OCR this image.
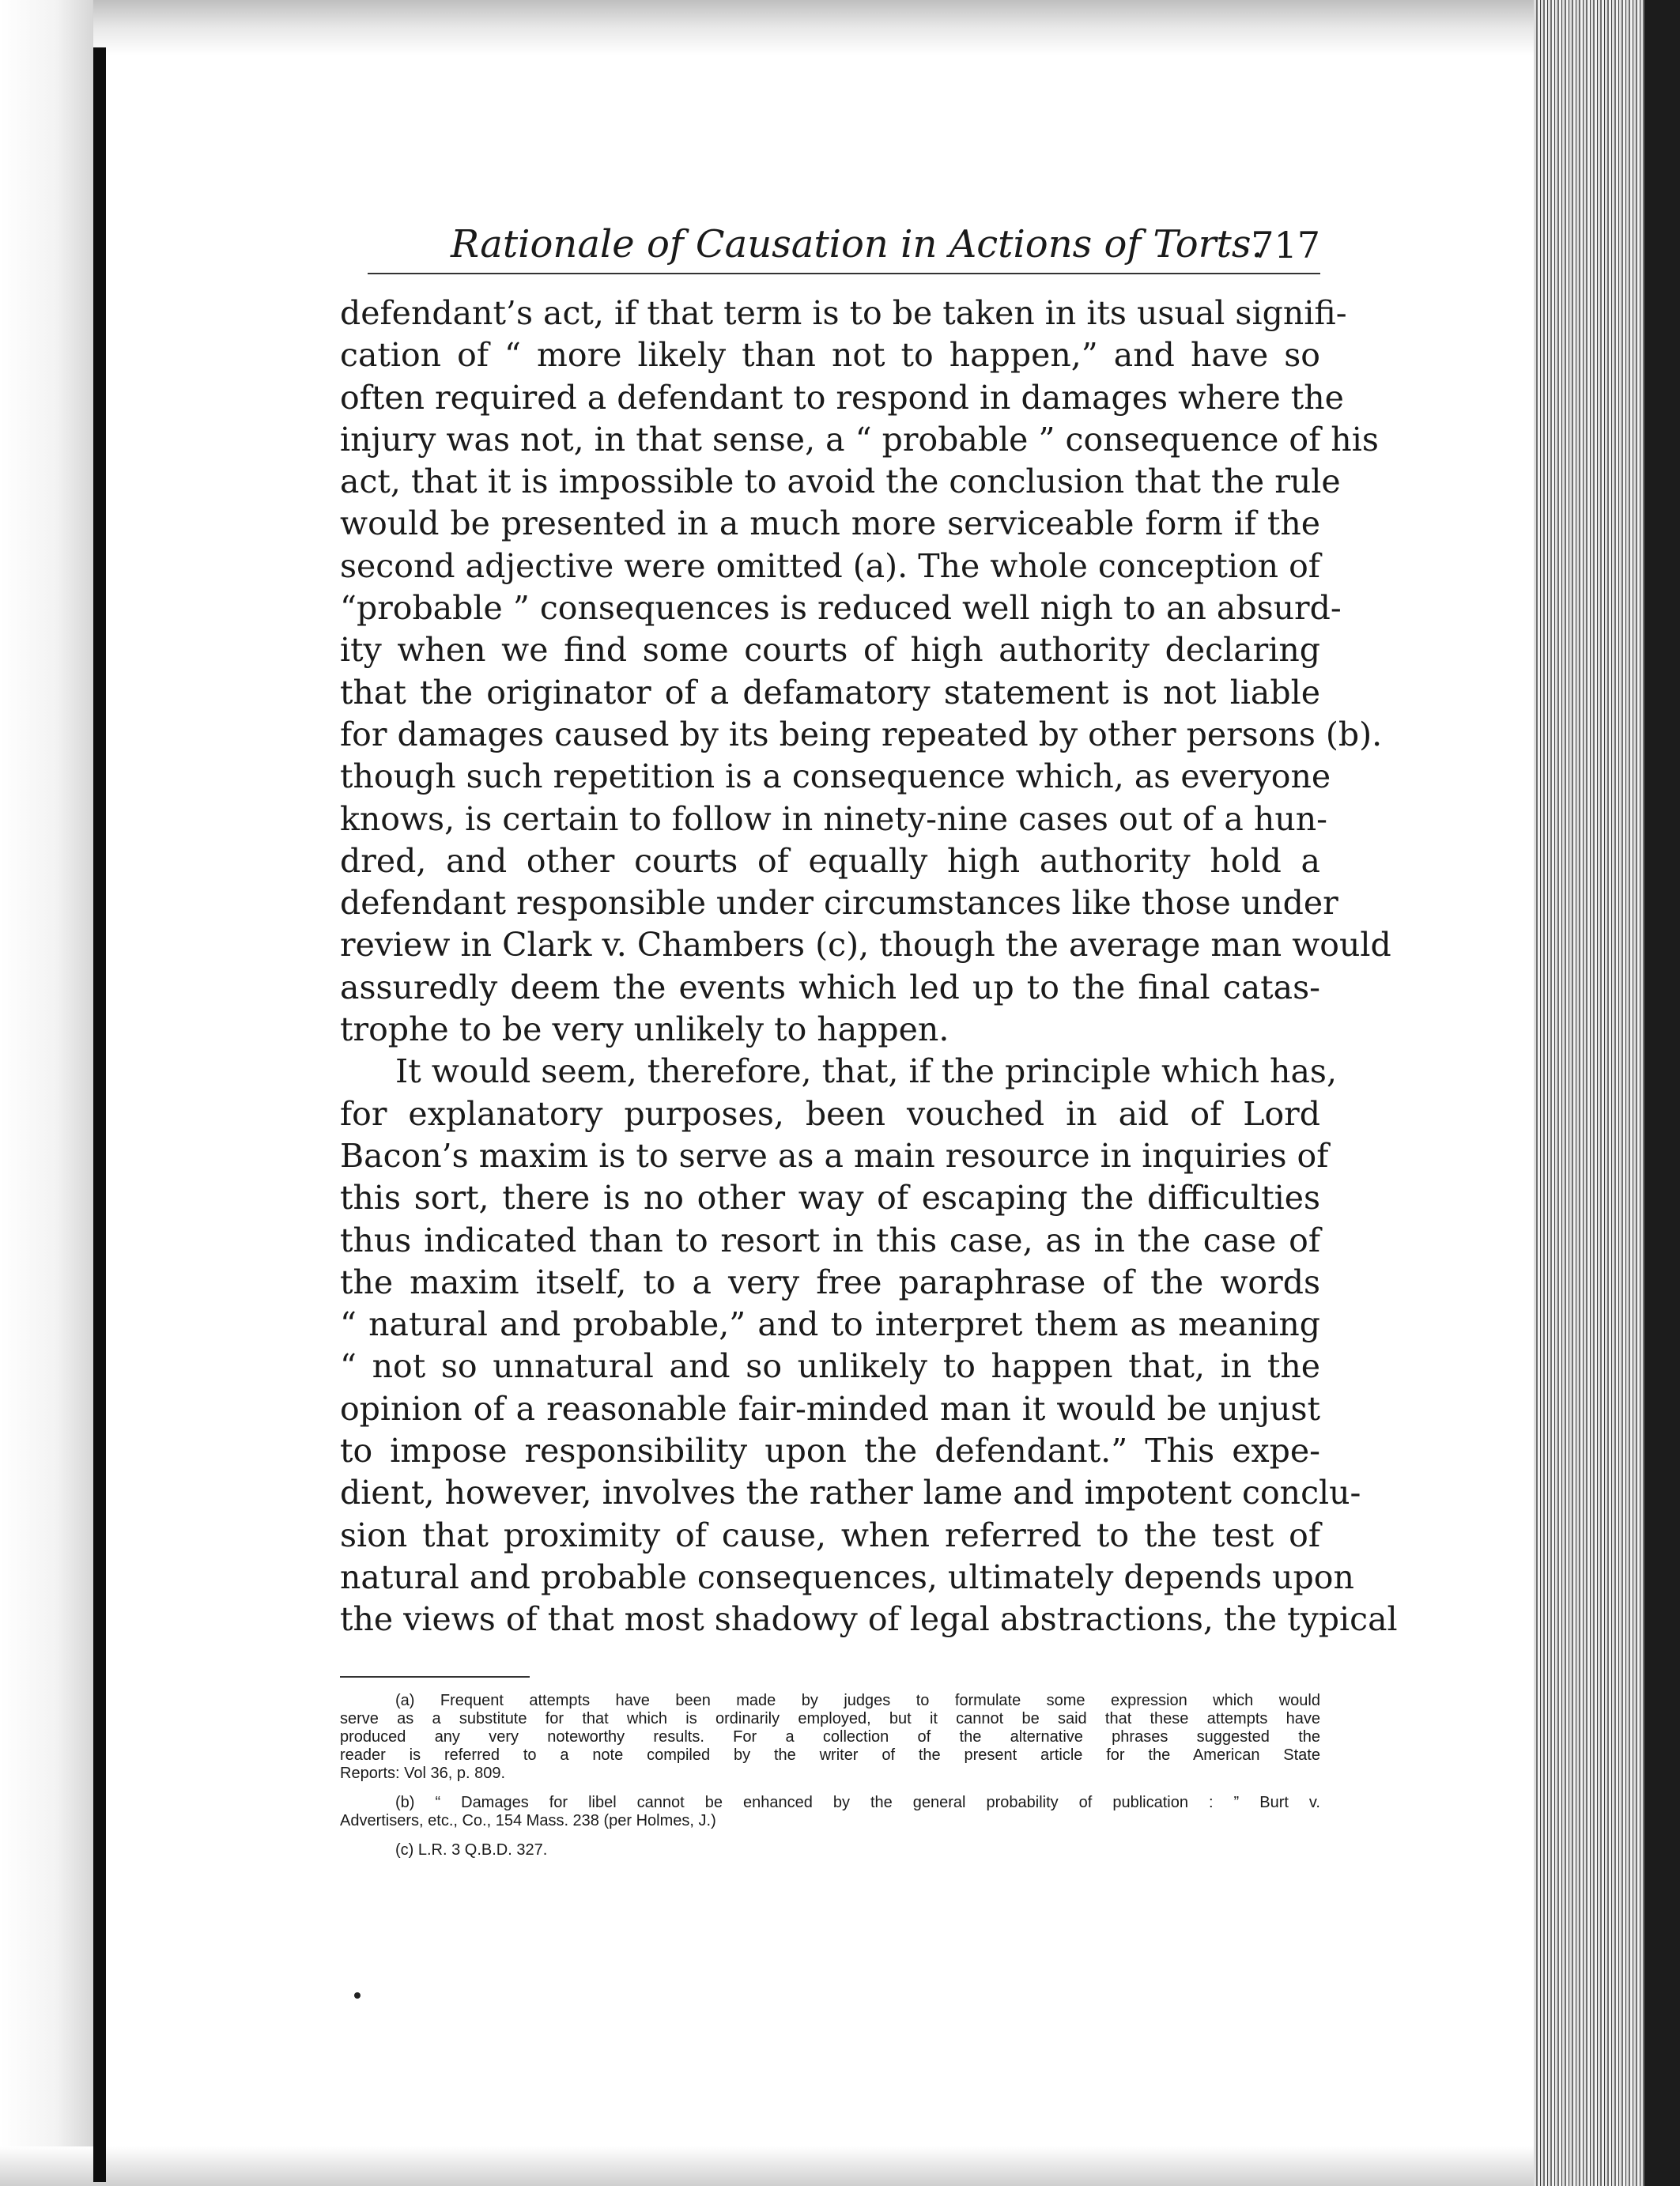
Rationale of Causation in Actions of Torts.
717
defendant’s act, if that term is to be taken in its usual signifi-
cation of “ more likely than not to happen,” and have so
often required a defendant to respond in damages where the
injury was not, in that sense, a “ probable ” consequence of his
act, that it is impossible to avoid the conclusion that the rule
would be presented in a much more serviceable form if the
second adjective were omitted (a). The whole conception of
“probable ” consequences is reduced well nigh to an absurd-
ity when we find some courts of high authority declaring
that the originator of a defamatory statement is not liable
for damages caused by its being repeated by other persons (b).
though such repetition is a consequence which, as everyone
knows, is certain to follow in ninety-nine cases out of a hun-
dred, and other courts of equally high authority hold a
defendant responsible under circumstances like those under
review in Clark v. Chambers (c), though the average man would
assuredly deem the events which led up to the final catas-
trophe to be very unlikely to happen.
It would seem, therefore, that, if the principle which has,
for explanatory purposes, been vouched in aid of Lord
Bacon’s maxim is to serve as a main resource in inquiries of
this sort, there is no other way of escaping the difficulties
thus indicated than to resort in this case, as in the case of
the maxim itself, to a very free paraphrase of the words
“ natural and probable,” and to interpret them as meaning
“ not so unnatural and so unlikely to happen that, in the
opinion of a reasonable fair-minded man it would be unjust
to impose responsibility upon the defendant.” This expe-
dient, however, involves the rather lame and impotent conclu-
sion that proximity of cause, when referred to the test of
natural and probable consequences, ultimately depends upon
the views of that most shadowy of legal abstractions, the typical
(a) Frequent attempts have been made by judges to formulate some expression which would
serve as a substitute for that which is ordinarily employed, but it cannot be said that these attempts have
produced any very noteworthy results. For a collection of the alternative phrases suggested the
reader is referred to a note compiled by the writer of the present article for the American State
Reports: Vol 36, p. 809.
(b) “ Damages for libel cannot be enhanced by the general probability of publication : ” Burt v.
Advertisers, etc., Co., 154 Mass. 238 (per Holmes, J.)
(c) L.R. 3 Q.B.D. 327.
